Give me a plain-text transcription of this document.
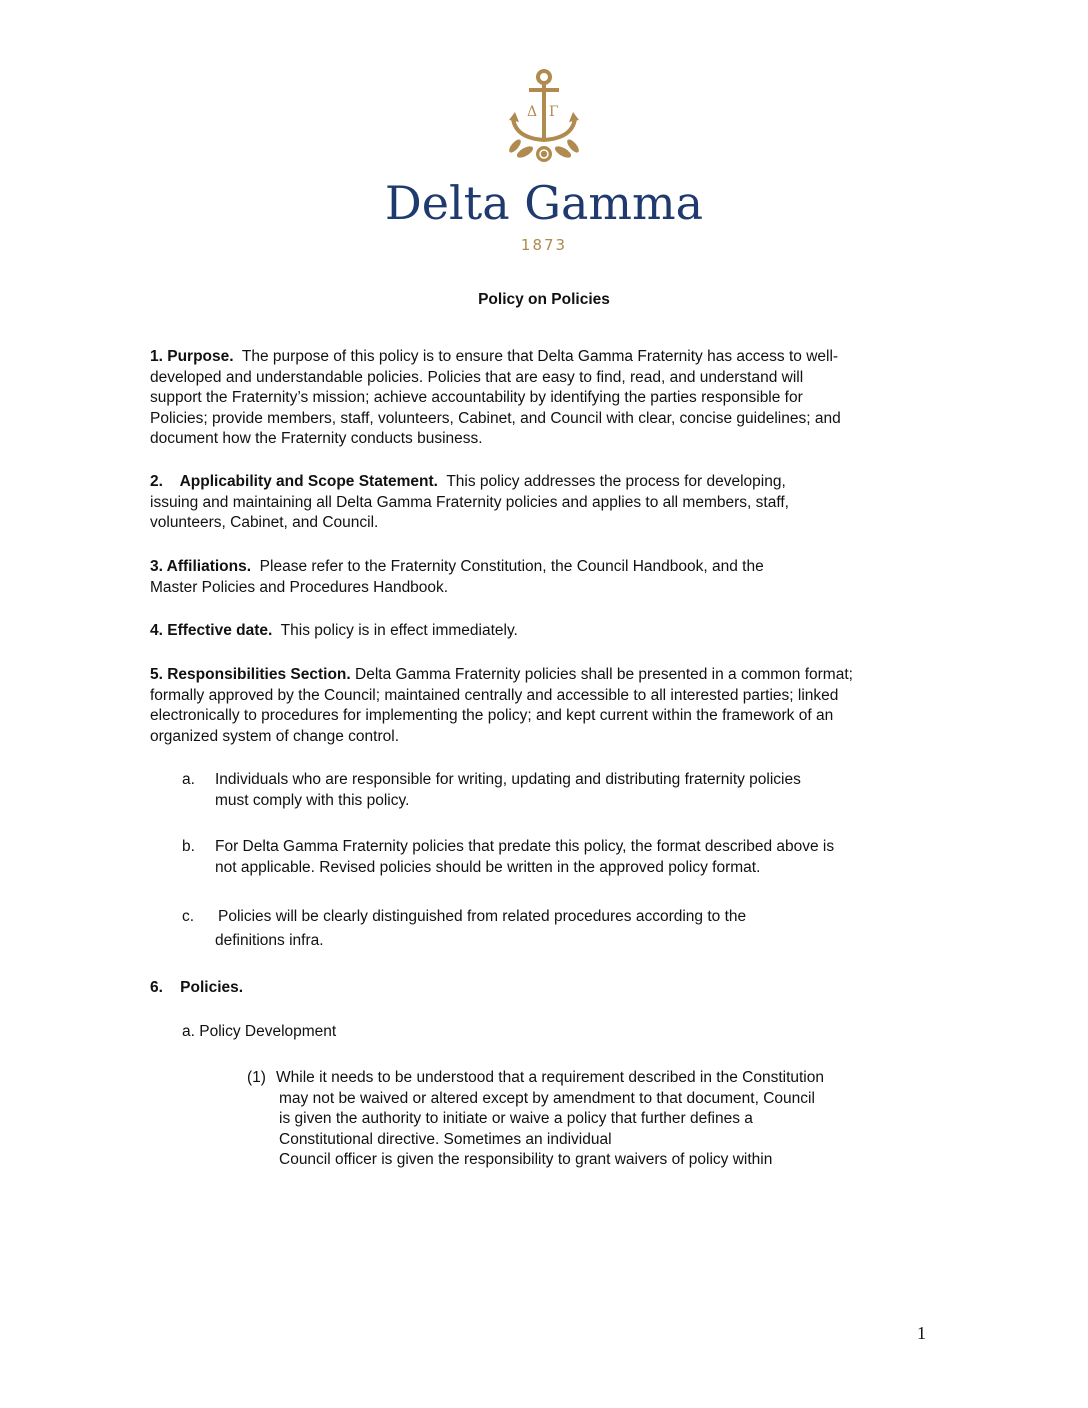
Δ Γ
Delta Gamma
1873
Policy on Policies
1. Purpose. The purpose of this policy is to ensure that Delta Gamma Fraternity has access to well-
developed and understandable policies. Policies that are easy to find, read, and understand will
support the Fraternity’s mission; achieve accountability by identifying the parties responsible for
Policies; provide members, staff, volunteers, Cabinet, and Council with clear, concise guidelines; and
document how the Fraternity conducts business.
2.    Applicability and Scope Statement. This policy addresses the process for developing,
issuing and maintaining all Delta Gamma Fraternity policies and applies to all members, staff,
volunteers, Cabinet, and Council.
3. Affiliations. Please refer to the Fraternity Constitution, the Council Handbook, and the
Master Policies and Procedures Handbook.
4. Effective date. This policy is in effect immediately.
5. Responsibilities Section. Delta Gamma Fraternity policies shall be presented in a common format;
formally approved by the Council; maintained centrally and accessible to all interested parties; linked
electronically to procedures for implementing the policy; and kept current within the framework of an
organized system of change control.
a. Individuals who are responsible for writing, updating and distributing fraternity policies
must comply with this policy.
b. For Delta Gamma Fraternity policies that predate this policy, the format described above is
not applicable. Revised policies should be written in the approved policy format.
c. Policies will be clearly distinguished from related procedures according to the
definitions infra.
6.    Policies.
a. Policy Development
(1) While it needs to be understood that a requirement described in the Constitution
may not be waived or altered except by amendment to that document, Council
is given the authority to initiate or waive a policy that further defines a
Constitutional directive. Sometimes an individual
Council officer is given the responsibility to grant waivers of policy within
1
